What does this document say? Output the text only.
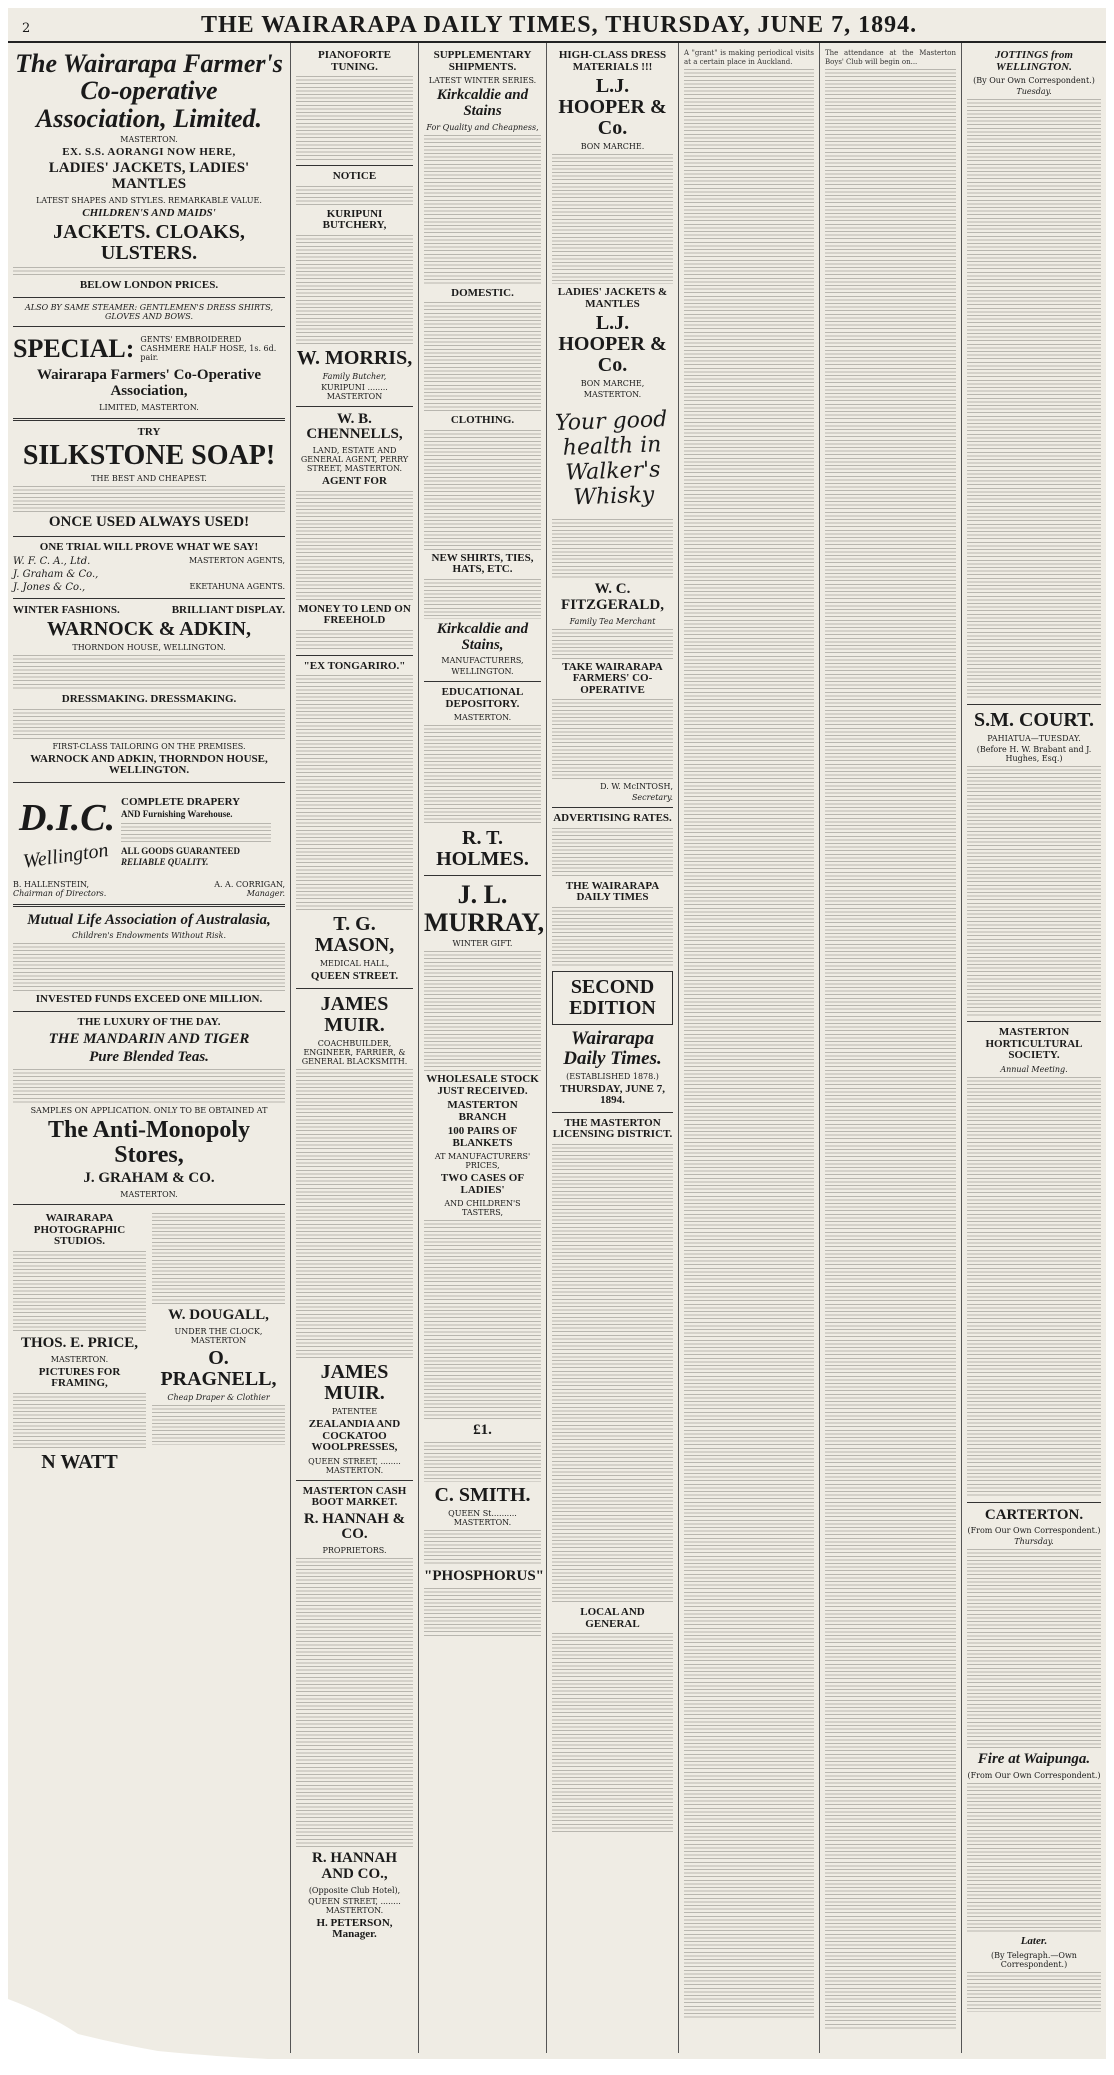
2	THE WAIRARAPA DAILY TIMES, THURSDAY, JUNE 7, 1894.

The Wairarapa Farmer's Co-operative Association, Limited.
MASTERTON.
EX. S.S. AORANGI NOW HERE,
LADIES' JACKETS, LADIES' MANTLES
LATEST SHAPES AND STYLES. REMARKABLE VALUE.
CHILDREN'S AND MAIDS'
JACKETS. CLOAKS, ULSTERS.
BELOW LONDON PRICES.
ALSO BY SAME STEAMER: GENTLEMEN'S DRESS SHIRTS, GLOVES AND BOWS.
SPECIAL: GENTS' EMBROIDERED CASHMERE HALF HOSE, 1s. 6d. pair.
Wairarapa Farmers' Co-Operative Association,
LIMITED, MASTERTON.
TRY
SILKSTONE SOAP!
THE BEST AND CHEAPEST.
ONCE USED ALWAYS USED!
ONE TRIAL WILL PROVE WHAT WE SAY!
W. F. C. A., Ltd.	MASTERTON AGENTS,
J. Graham & Co.,
J. Jones & Co.,	EKETAHUNA AGENTS.
WINTER FASHIONS.	BRILLIANT DISPLAY.
WARNOCK & ADKIN,
THORNDON HOUSE, WELLINGTON.
DRESSMAKING. DRESSMAKING.
FIRST-CLASS TAILORING ON THE PREMISES.
WARNOCK AND ADKIN, THORNDON HOUSE, WELLINGTON.
D.I.C.
Wellington
COMPLETE DRAPERY
AND Furnishing Warehouse.
ALL GOODS GUARANTEED
RELIABLE QUALITY.
B. HALLENSTEIN,
Chairman of Directors.
A. A. CORRIGAN,
Manager.
Mutual Life Association of Australasia,
Children's Endowments Without Risk.
INVESTED FUNDS EXCEED ONE MILLION.
THE LUXURY OF THE DAY.
THE MANDARIN AND TIGER
Pure Blended Teas.
SAMPLES ON APPLICATION. ONLY TO BE OBTAINED AT
The Anti-Monopoly Stores,
J. GRAHAM & CO.
MASTERTON.
WAIRARAPA PHOTOGRAPHIC STUDIOS.
THOS. E. PRICE,
MASTERTON.
PICTURES FOR FRAMING,
N WATT
W. DOUGALL,
UNDER THE CLOCK, MASTERTON
O. PRAGNELL,
Cheap Draper & Clothier
PIANOFORTE TUNING.
NOTICE
KURIPUNI BUTCHERY,
W. MORRIS,
Family Butcher,
KURIPUNI ........ MASTERTON
W. B. CHENNELLS,
LAND, ESTATE AND GENERAL AGENT, PERRY STREET, MASTERTON.
AGENT FOR
MONEY TO LEND ON FREEHOLD
"EX TONGARIRO."
T. G. MASON,
MEDICAL HALL,
QUEEN STREET.
JAMES MUIR.
COACHBUILDER, ENGINEER, FARRIER, & GENERAL BLACKSMITH.
JAMES MUIR.
PATENTEE
ZEALANDIA AND COCKATOO WOOLPRESSES,
QUEEN STREET, ........ MASTERTON.
MASTERTON CASH BOOT MARKET.
R. HANNAH & CO.
PROPRIETORS.
R. HANNAH AND CO.,
(Opposite Club Hotel),
QUEEN STREET, ........ MASTERTON.
H. PETERSON, Manager.
SUPPLEMENTARY SHIPMENTS.
LATEST WINTER SERIES.
Kirkcaldie and Stains
For Quality and Cheapness,
DOMESTIC.
CLOTHING.
NEW SHIRTS, TIES, HATS, ETC.
Kirkcaldie and Stains,
MANUFACTURERS,
WELLINGTON.
EDUCATIONAL DEPOSITORY.
MASTERTON.
R. T. HOLMES.
J. L. MURRAY,
WINTER GIFT.
WHOLESALE STOCK JUST RECEIVED.
MASTERTON BRANCH
100 PAIRS OF BLANKETS
AT MANUFACTURERS' PRICES,
TWO CASES OF LADIES'
AND CHILDREN'S TASTERS,
£1.
C. SMITH.
QUEEN St.......... MASTERTON.
"PHOSPHORUS"
HIGH-CLASS DRESS MATERIALS !!!
L.J. HOOPER & Co.
BON MARCHE.
LADIES' JACKETS & MANTLES
L.J. HOOPER & Co.
BON MARCHE,
MASTERTON.
Your good health in Walker's Whisky
W. C. FITZGERALD,
Family Tea Merchant
TAKE WAIRARAPA FARMERS' CO-OPERATIVE
D. W. McINTOSH,
Secretary.
ADVERTISING RATES.
THE WAIRARAPA DAILY TIMES
SECOND EDITION
Wairarapa Daily Times.
(ESTABLISHED 1878.)
THURSDAY, JUNE 7, 1894.
THE MASTERTON LICENSING DISTRICT.
LOCAL AND GENERAL
A "grant" is making periodical visits at a certain place in Auckland.
The attendance at the Masterton Boys' Club will begin on...
JOTTINGS from WELLINGTON.
(By Our Own Correspondent.)
Tuesday.
S.M. COURT.
PAHIATUA—TUESDAY.
(Before H. W. Brabant and J. Hughes, Esq.)
MASTERTON HORTICULTURAL SOCIETY.
Annual Meeting.
CARTERTON.
(From Our Own Correspondent.)
Thursday.
Fire at Waipunga.
(From Our Own Correspondent.)
Later.
(By Telegraph.—Own Correspondent.)
